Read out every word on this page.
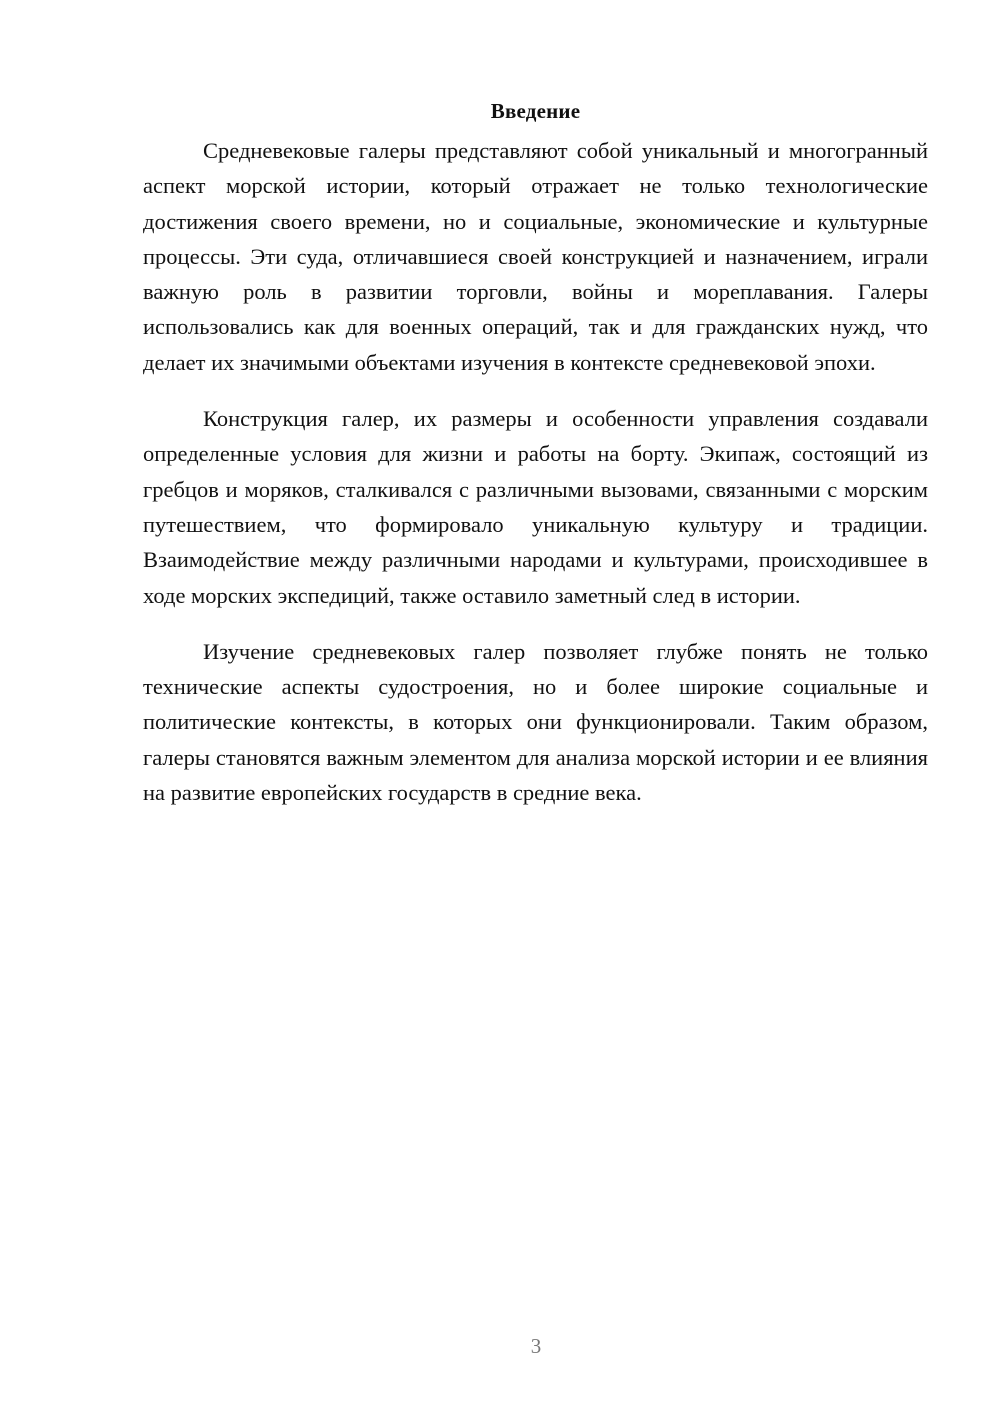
Введение

Средневековые галеры представляют собой уникальный и многогранный аспект морской истории, который отражает не только технологические достижения своего времени, но и социальные, экономические и культурные процессы. Эти суда, отличавшиеся своей конструкцией и назначением, играли важную роль в развитии торговли, войны и мореплавания. Галеры использовались как для военных операций, так и для гражданских нужд, что делает их значимыми объектами изучения в контексте средневековой эпохи.

Конструкция галер, их размеры и особенности управления создавали определенные условия для жизни и работы на борту. Экипаж, состоящий из гребцов и моряков, сталкивался с различными вызовами, связанными с морским путешествием, что формировало уникальную культуру и традиции. Взаимодействие между различными народами и культурами, происходившее в ходе морских экспедиций, также оставило заметный след в истории.

Изучение средневековых галер позволяет глубже понять не только технические аспекты судостроения, но и более широкие социальные и политические контексты, в которых они функционировали. Таким образом, галеры становятся важным элементом для анализа морской истории и ее влияния на развитие европейских государств в средние века.

3
